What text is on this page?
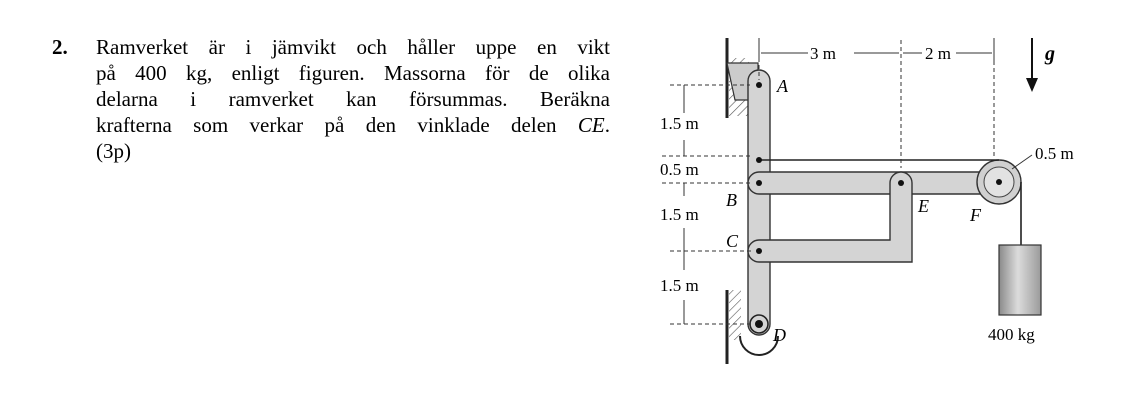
2.	Ramverket är i jämvikt och håller uppe en vikt
på 400 kg, enligt figuren. Massorna för de olika
delarna i ramverket kan försummas. Beräkna
krafterna som verkar på den vinklade delen CE.
(3p)
400 kg
3 m	2 m	g
0.5 m
1.5 m
0.5 m
1.5 m
1.5 m
A
B
C
D
E F
